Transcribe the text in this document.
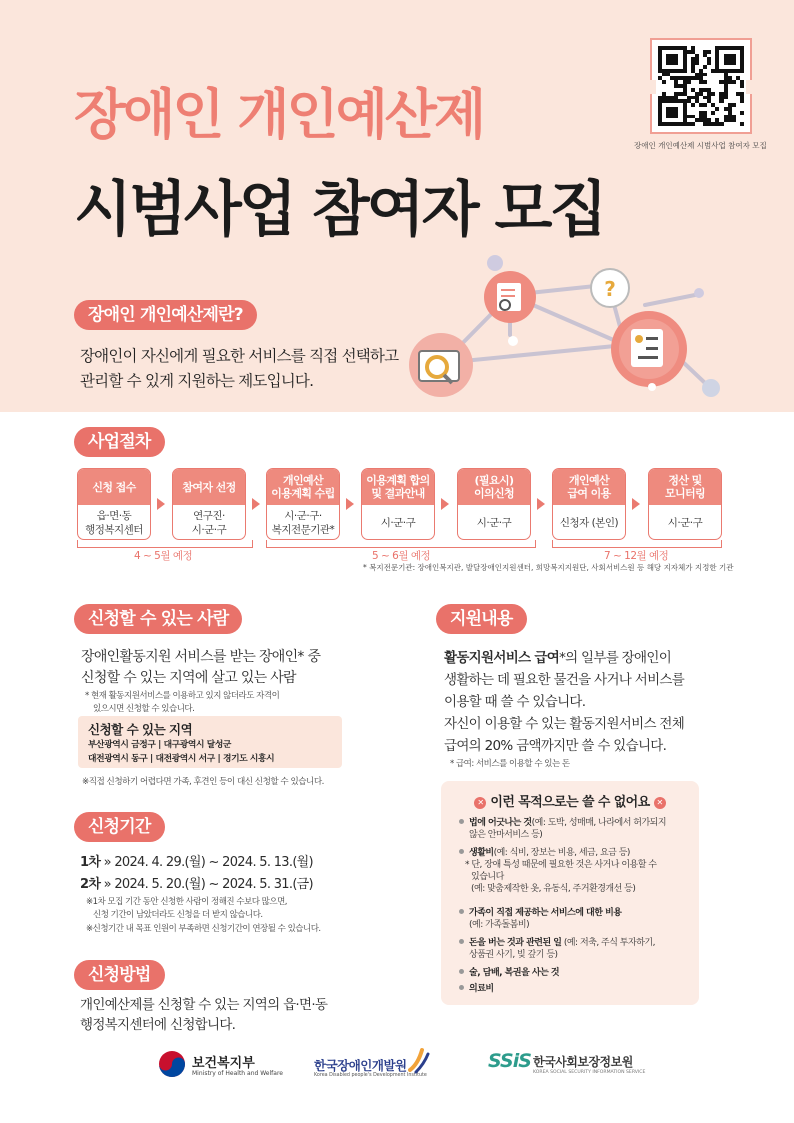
장애인 개인예산제
시범사업 참여자 모집
장애인 개인예산제 시범사업 참여자 모집
장애인 개인예산제란?
장애인이 자신에게 필요한 서비스를 직접 선택하고
관리할 수 있게 지원하는 제도입니다.
?
사업절차
신청 접수
읍·면·동
행정복지센터
참여자 선정
연구진·
시·군·구
개인예산
이용계획 수립
시·군·구·
복지전문기관*
이용계획 합의
및 결과안내
시·군·구
(필요시)
이의신청
시·군·구
개인예산
급여 이용
신청자 (본인)
정산 및
모니터링
시·군·구
4 ~ 5월 예정	5 ~ 6월 예정	7 ~ 12월 예정
* 복지전문기관: 장애인복지관, 발달장애인지원센터, 희망복지지원단, 사회서비스원 등 해당 지자체가 지정한 기관
신청할 수 있는 사람
장애인활동지원 서비스를 받는 장애인* 중
신청할 수 있는 지역에 살고 있는 사람
* 현재 활동지원서비스를 이용하고 있지 않더라도 자격이
있으시면 신청할 수 있습니다.
신청할 수 있는 지역
부산광역시 금정구 | 대구광역시 달성군
대전광역시 동구 | 대전광역시 서구 | 경기도 시흥시
※직접 신청하기 어렵다면 가족, 후견인 등이 대신 신청할 수 있습니다.
신청기간
1차 » 2024. 4. 29.(월) ~ 2024. 5. 13.(월)
2차 » 2024. 5. 20.(월) ~ 2024. 5. 31.(금)
※1차 모집 기간 동안 신청한 사람이 정해진 수보다 많으면,
신청 기간이 남았더라도 신청을 더 받지 않습니다.
※신청기간 내 목표 인원이 부족하면 신청기간이 연장될 수 있습니다.
신청방법
개인예산제를 신청할 수 있는 지역의 읍·면·동
행정복지센터에 신청합니다.
지원내용
활동지원서비스 급여*의 일부를 장애인이
생활하는 데 필요한 물건을 사거나 서비스를
이용할 때 쓸 수 있습니다.
자신이 이용할 수 있는 활동지원서비스 전체
급여의 20% 금액까지만 쓸 수 있습니다.
* 급여: 서비스를 이용할 수 있는 돈
✕ 이런 목적으로는 쓸 수 없어요 ✕
법에 어긋나는 것(예: 도박, 성매매, 나라에서 허가되지
않은 안마서비스 등)
생활비(예: 식비, 장보는 비용, 세금, 요금 등)
* 단, 장애 특성 때문에 필요한 것은 사거나 이용할 수
있습니다
(예: 맞춤제작한 옷, 유동식, 주거환경개선 등)
가족이 직접 제공하는 서비스에 대한 비용
(예: 가족돌봄비)
돈을 버는 것과 관련된 일 (예: 저축, 주식 투자하기,
상품권 사기, 빚 갚기 등)
술, 담배, 복권을 사는 것
의료비
보건복지부
Ministry of Health and Welfare
한국장애인개발원
Korea Disabled people's Development Institute
SSiS 한국사회보장정보원
KOREA SOCIAL SECURITY INFORMATION SERVICE
